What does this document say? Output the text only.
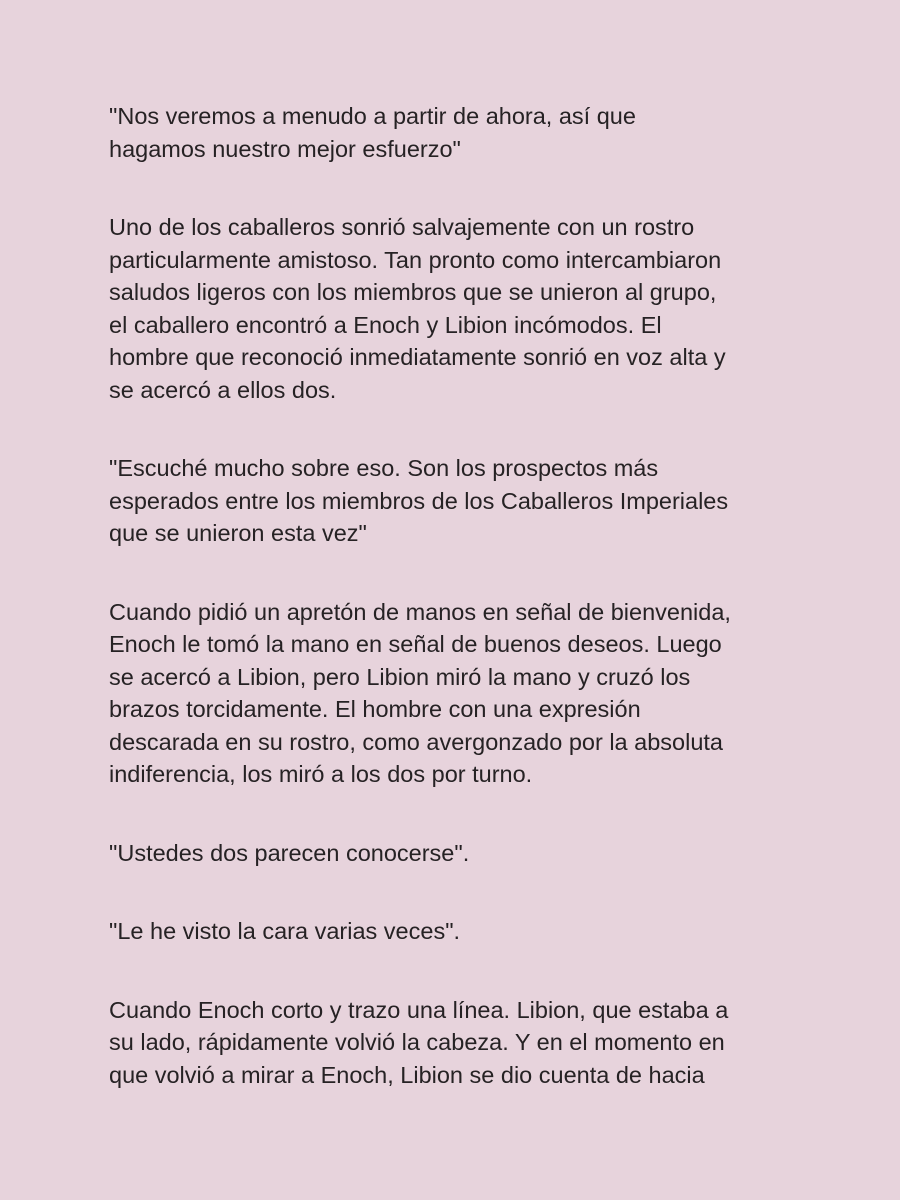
"Nos veremos a menudo a partir de ahora, así que
hagamos nuestro mejor esfuerzo"

Uno de los caballeros sonrió salvajemente con un rostro
particularmente amistoso. Tan pronto como intercambiaron
saludos ligeros con los miembros que se unieron al grupo,
el caballero encontró a Enoch y Libion incómodos. El
hombre que reconoció inmediatamente sonrió en voz alta y
se acercó a ellos dos.

"Escuché mucho sobre eso. Son los prospectos más
esperados entre los miembros de los Caballeros Imperiales
que se unieron esta vez"

Cuando pidió un apretón de manos en señal de bienvenida,
Enoch le tomó la mano en señal de buenos deseos. Luego
se acercó a Libion, pero Libion miró la mano y cruzó los
brazos torcidamente. El hombre con una expresión
descarada en su rostro, como avergonzado por la absoluta
indiferencia, los miró a los dos por turno.

"Ustedes dos parecen conocerse".

"Le he visto la cara varias veces".

Cuando Enoch corto y trazo una línea. Libion, que estaba a
su lado, rápidamente volvió la cabeza. Y en el momento en
que volvió a mirar a Enoch, Libion se dio cuenta de hacia
